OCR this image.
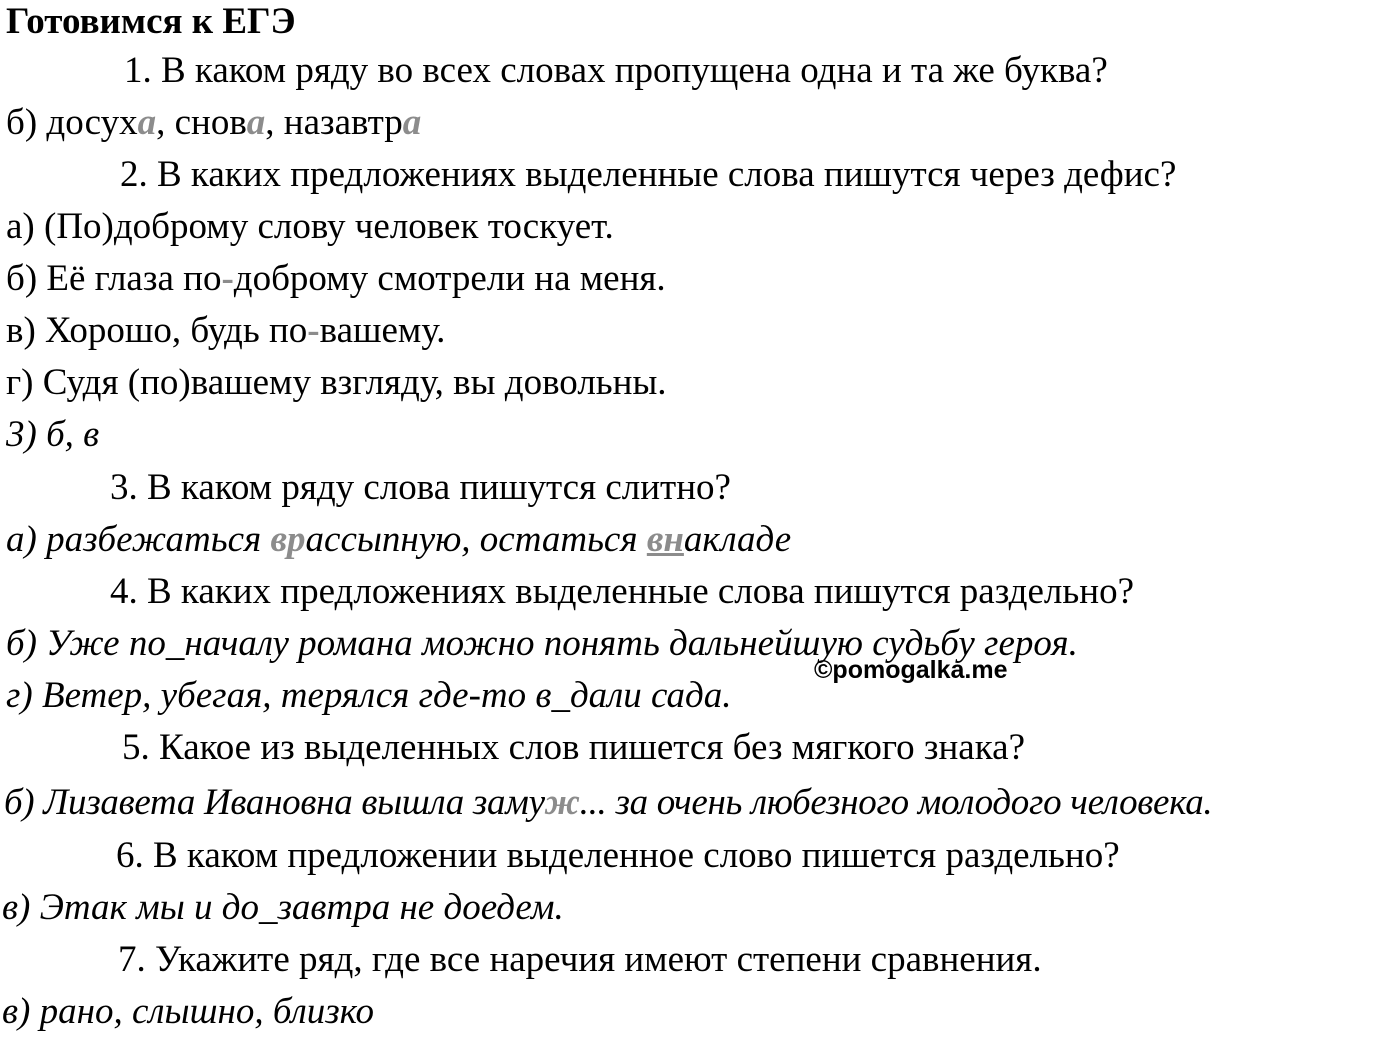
Готовимся к ЕГЭ
1. В каком ряду во всех словах пропущена одна и та же буква?
б) досуха, снова, назавтра
2. В каких предложениях выделенные слова пишутся через дефис?
а) (По)доброму слову человек тоскует.
б) Её глаза по-доброму смотрели на меня.
в) Хорошо, будь по-вашему.
г) Судя (по)вашему взгляду, вы довольны.
3) б, в
3. В каком ряду слова пишутся слитно?
а) разбежаться врассыпную, остаться внакладе
4. В каких предложениях выделенные слова пишутся раздельно?
б) Уже по_началу романа можно понять дальнейшую судьбу героя.
©pomogalka.me
г) Ветер, убегая, терялся где-то в_дали сада.
5. Какое из выделенных слов пишется без мягкого знака?
б) Лизавета Ивановна вышла замуж... за очень любезного молодого человека.
6. В каком предложении выделенное слово пишется раздельно?
в) Этак мы и до_завтра не доедем.
7. Укажите ряд, где все наречия имеют степени сравнения.
в) рано, слышно, близко
